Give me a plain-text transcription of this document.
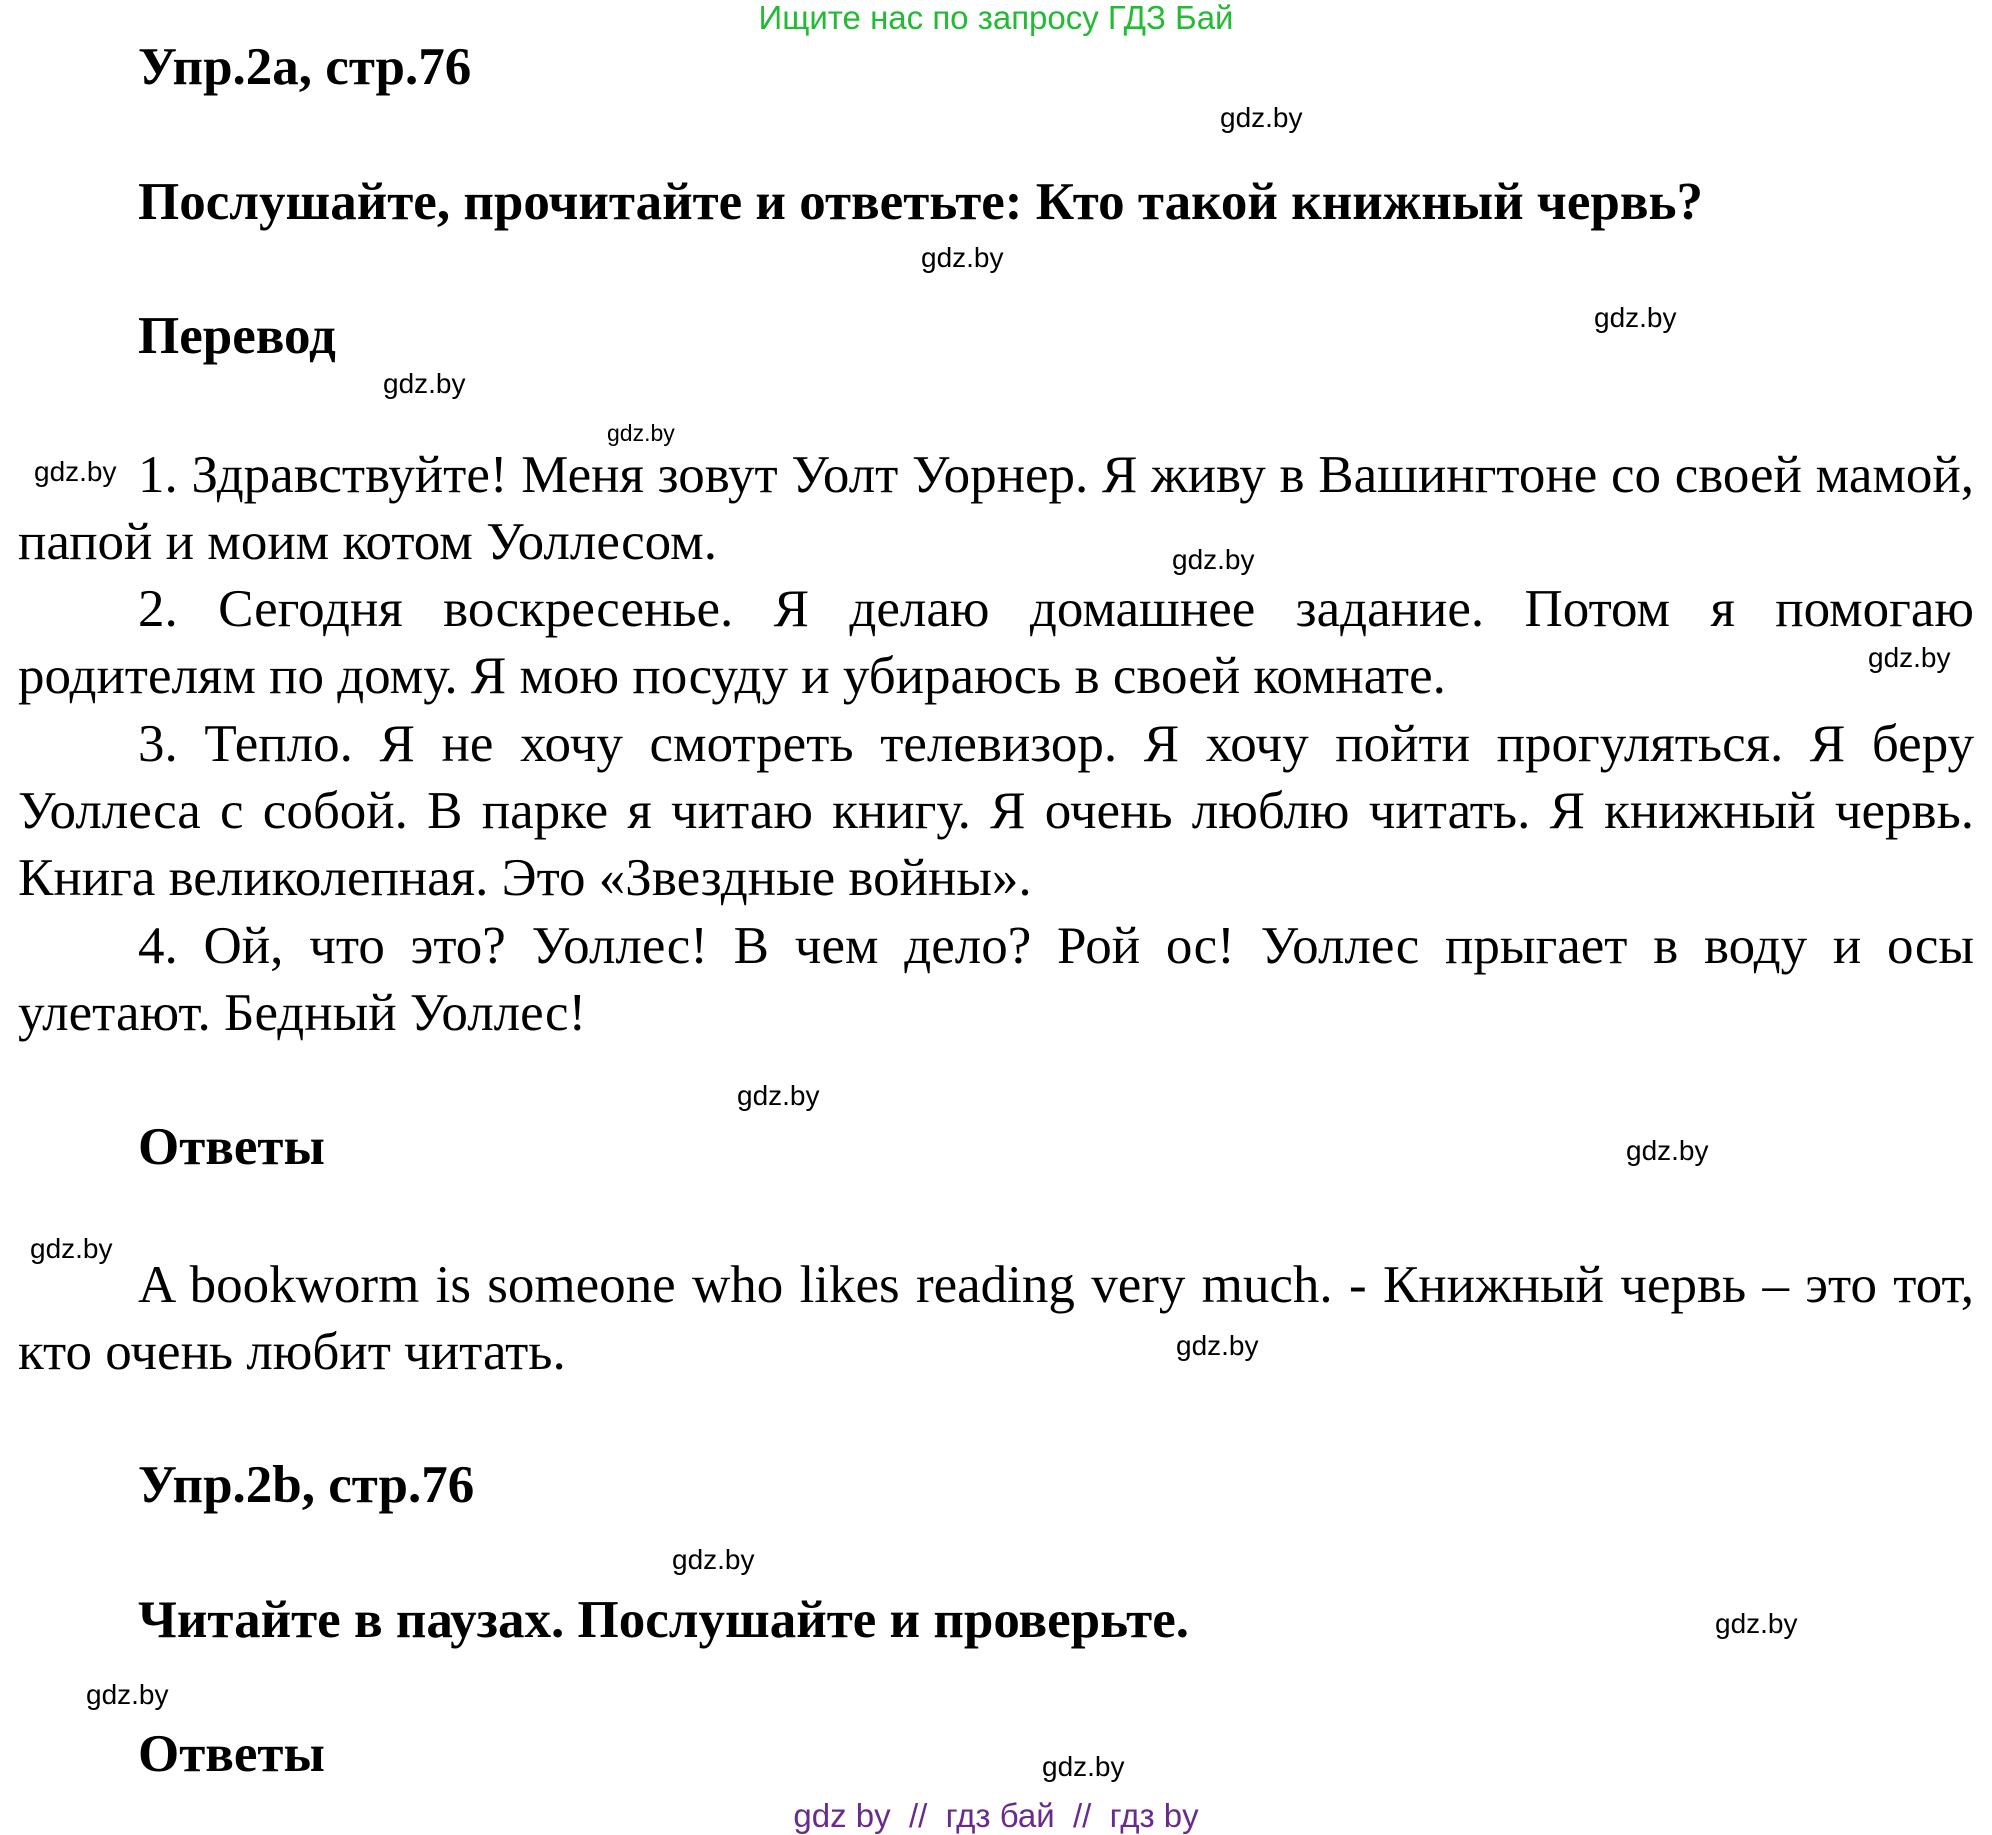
Ищите нас по запросу ГДЗ Бай
Упр.2a, стр.76
Послушайте, прочитайте и ответьте: Кто такой книжный червь?
Перевод
1. Здравствуйте! Меня зовут Уолт Уорнер. Я живу в Вашингтоне со своей мамой, папой и моим котом Уоллесом.
2. Сегодня воскресенье. Я делаю домашнее задание. Потом я помогаю родителям по дому. Я мою посуду и убираюсь в своей комнате.
3. Тепло. Я не хочу смотреть телевизор. Я хочу пойти прогуляться. Я беру Уоллеса с собой. В парке я читаю книгу. Я очень люблю читать. Я книжный червь. Книга великолепная. Это «Звездные войны».
4. Ой, что это? Уоллес! В чем дело? Рой ос! Уоллес прыгает в воду и осы улетают. Бедный Уоллес!
Ответы
A bookworm is someone who likes reading very much. - Книжный червь – это тот, кто очень любит читать.
Упр.2b, стр.76
Читайте в паузах. Послушайте и проверьте.
Ответы
gdz.by
gdz.by
gdz.by
gdz.by
gdz.by
gdz.by
gdz.by
gdz.by
gdz.by
gdz.by
gdz.by
gdz.by
gdz.by
gdz.by
gdz.by
gdz.by
gdz by  //  гдз бай  //  гдз by
